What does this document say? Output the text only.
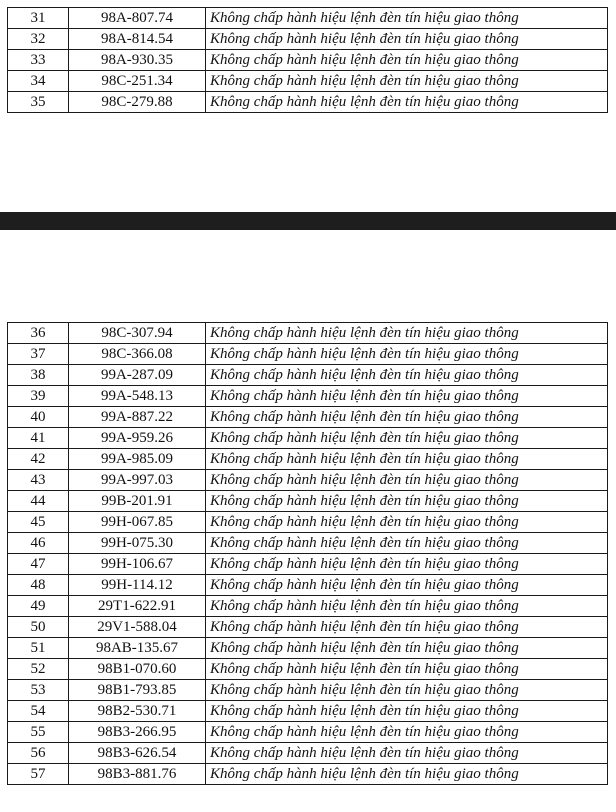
31	98A-807.74	Không chấp hành hiệu lệnh đèn tín hiệu giao thông
32	98A-814.54	Không chấp hành hiệu lệnh đèn tín hiệu giao thông
33	98A-930.35	Không chấp hành hiệu lệnh đèn tín hiệu giao thông
34	98C-251.34	Không chấp hành hiệu lệnh đèn tín hiệu giao thông
35	98C-279.88	Không chấp hành hiệu lệnh đèn tín hiệu giao thông
36	98C-307.94	Không chấp hành hiệu lệnh đèn tín hiệu giao thông
37	98C-366.08	Không chấp hành hiệu lệnh đèn tín hiệu giao thông
38	99A-287.09	Không chấp hành hiệu lệnh đèn tín hiệu giao thông
39	99A-548.13	Không chấp hành hiệu lệnh đèn tín hiệu giao thông
40	99A-887.22	Không chấp hành hiệu lệnh đèn tín hiệu giao thông
41	99A-959.26	Không chấp hành hiệu lệnh đèn tín hiệu giao thông
42	99A-985.09	Không chấp hành hiệu lệnh đèn tín hiệu giao thông
43	99A-997.03	Không chấp hành hiệu lệnh đèn tín hiệu giao thông
44	99B-201.91	Không chấp hành hiệu lệnh đèn tín hiệu giao thông
45	99H-067.85	Không chấp hành hiệu lệnh đèn tín hiệu giao thông
46	99H-075.30	Không chấp hành hiệu lệnh đèn tín hiệu giao thông
47	99H-106.67	Không chấp hành hiệu lệnh đèn tín hiệu giao thông
48	99H-114.12	Không chấp hành hiệu lệnh đèn tín hiệu giao thông
49	29T1-622.91	Không chấp hành hiệu lệnh đèn tín hiệu giao thông
50	29V1-588.04	Không chấp hành hiệu lệnh đèn tín hiệu giao thông
51	98AB-135.67	Không chấp hành hiệu lệnh đèn tín hiệu giao thông
52	98B1-070.60	Không chấp hành hiệu lệnh đèn tín hiệu giao thông
53	98B1-793.85	Không chấp hành hiệu lệnh đèn tín hiệu giao thông
54	98B2-530.71	Không chấp hành hiệu lệnh đèn tín hiệu giao thông
55	98B3-266.95	Không chấp hành hiệu lệnh đèn tín hiệu giao thông
56	98B3-626.54	Không chấp hành hiệu lệnh đèn tín hiệu giao thông
57	98B3-881.76	Không chấp hành hiệu lệnh đèn tín hiệu giao thông
